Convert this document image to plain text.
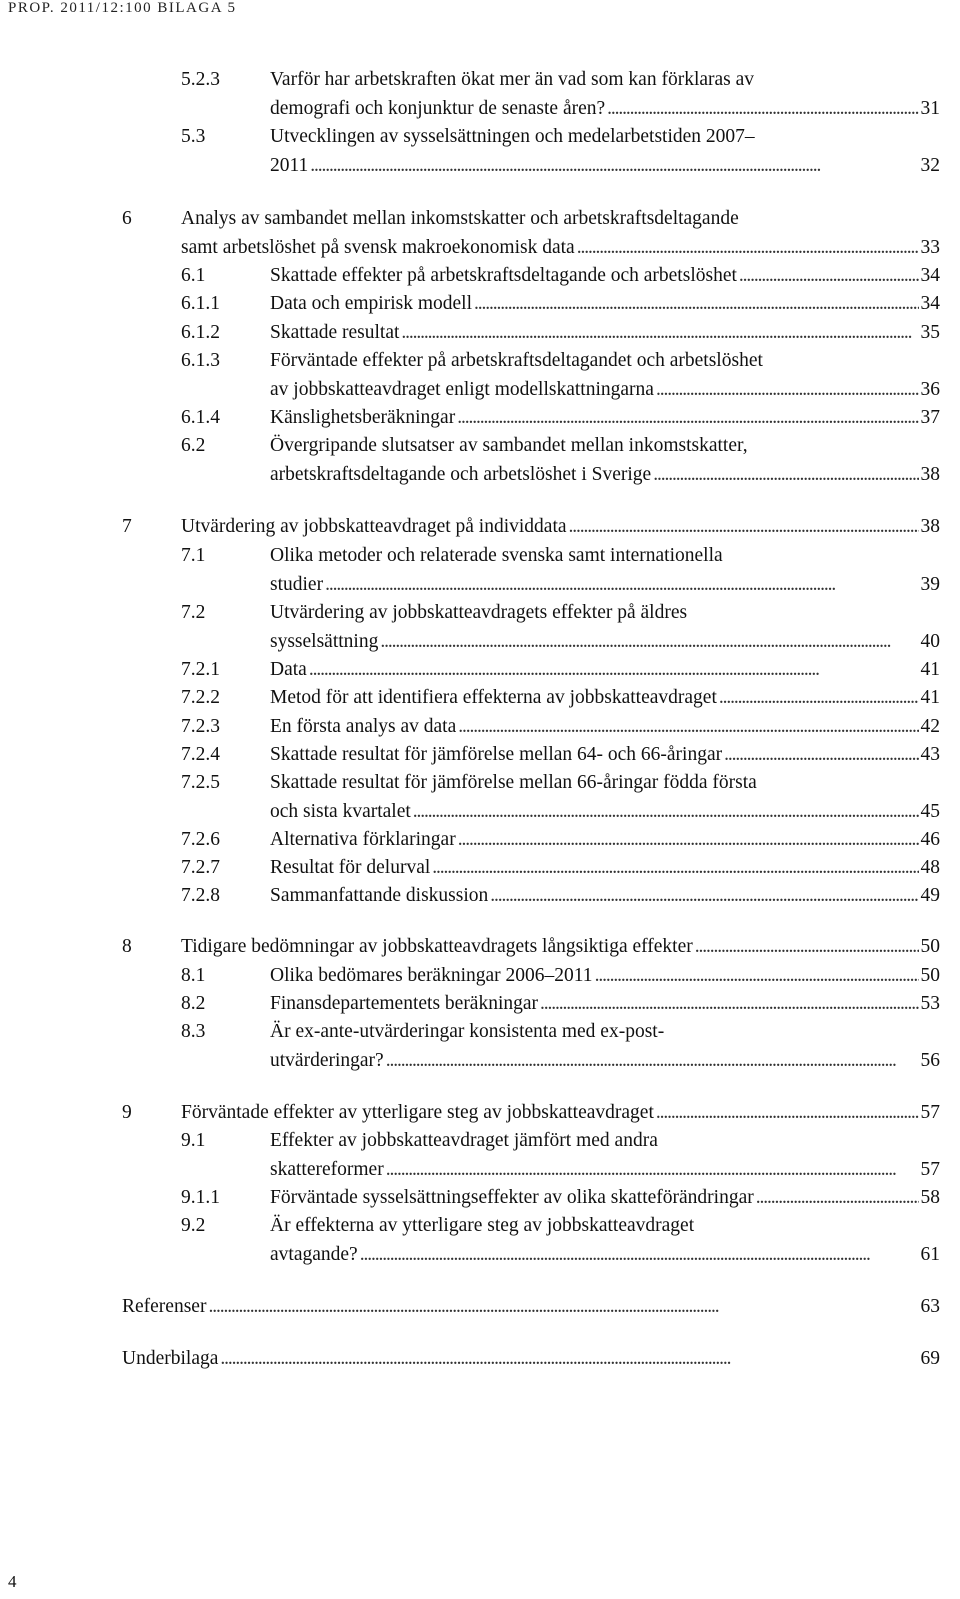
PROP. 2011/12:100 BILAGA 5
5.2.3	Varför har arbetskraften ökat mer än vad som kan förklaras av
demografi och konjunktur de senaste åren? . . .	31
5.3	Utvecklingen av sysselsättningen och medelarbetstiden 2007–
2011 . . .	32
6	Analys av sambandet mellan inkomstskatter och arbetskraftsdeltagande
samt arbetslöshet på svensk makroekonomisk data . . .	33
6.1	Skattade effekter på arbetskraftsdeltagande och arbetslöshet . . .	34
6.1.1	Data och empirisk modell . . .	34
6.1.2	Skattade resultat . . .	35
6.1.3	Förväntade effekter på arbetskraftsdeltagandet och arbetslöshet
av jobbskatteavdraget enligt modellskattningarna . . .	36
6.1.4	Känslighetsberäkningar . . .	37
6.2	Övergripande slutsatser av sambandet mellan inkomstskatter,
arbetskraftsdeltagande och arbetslöshet i Sverige . . .	38
7	Utvärdering av jobbskatteavdraget på individdata . . .	38
7.1	Olika metoder och relaterade svenska samt internationella
studier . . .	39
7.2	Utvärdering av jobbskatteavdragets effekter på äldres
sysselsättning . . .	40
7.2.1	Data . . .	41
7.2.2	Metod för att identifiera effekterna av jobbskatteavdraget . . .	41
7.2.3	En första analys av data . . .	42
7.2.4	Skattade resultat för jämförelse mellan 64- och 66-åringar . . .	43
7.2.5	Skattade resultat för jämförelse mellan 66-åringar födda första
och sista kvartalet . . .	45
7.2.6	Alternativa förklaringar . . .	46
7.2.7	Resultat för delurval . . .	48
7.2.8	Sammanfattande diskussion . . .	49
8	Tidigare bedömningar av jobbskatteavdragets långsiktiga effekter . . .	50
8.1	Olika bedömares beräkningar 2006–2011 . . .	50
8.2	Finansdepartementets beräkningar . . .	53
8.3	Är ex-ante-utvärderingar konsistenta med ex-post-
utvärderingar? . . .	56
9	Förväntade effekter av ytterligare steg av jobbskatteavdraget . . .	57
9.1	Effekter av jobbskatteavdraget jämfört med andra
skattereformer . . .	57
9.1.1	Förväntade sysselsättningseffekter av olika skatteförändringar . . .	58
9.2	Är effekterna av ytterligare steg av jobbskatteavdraget
avtagande? . . .	61
Referenser . . .	63
Underbilaga . . .	69
4
